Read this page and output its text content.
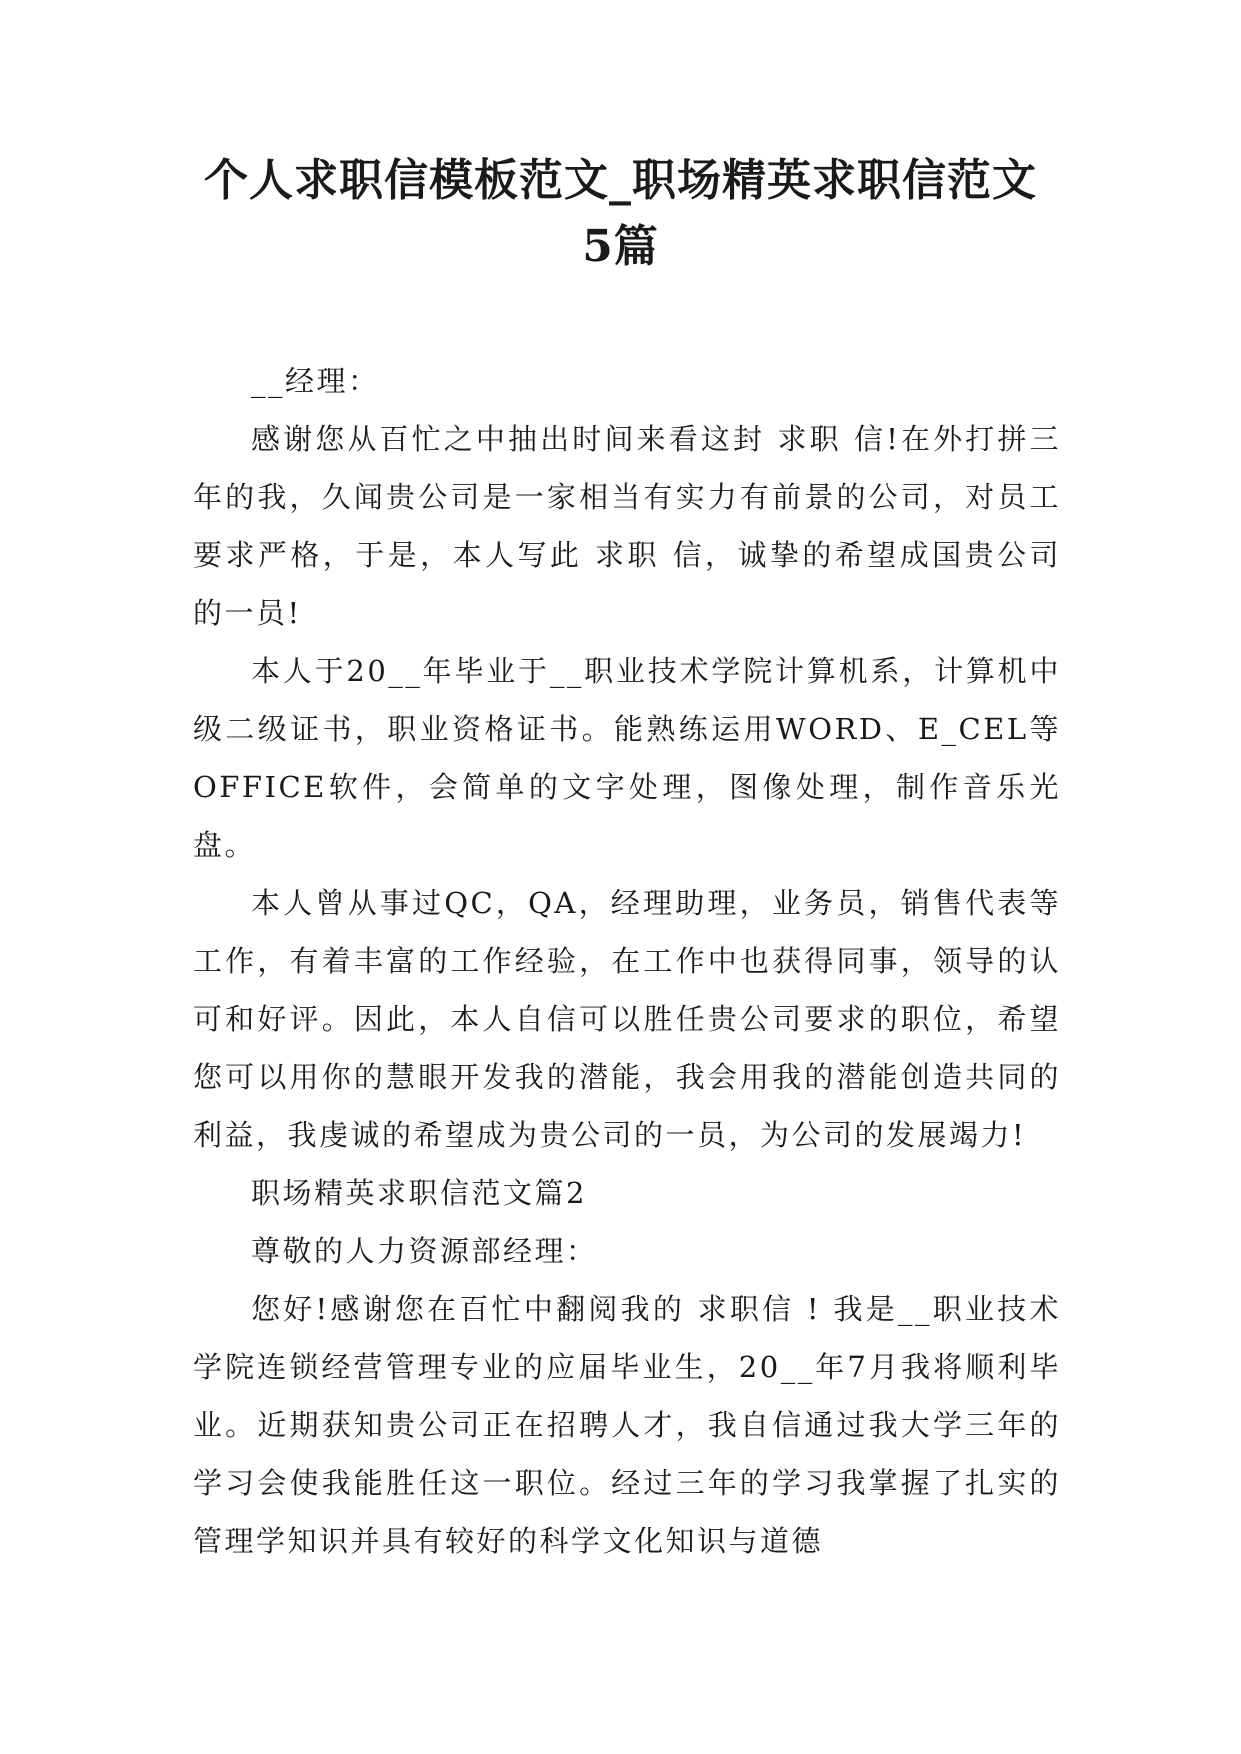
个人求职信模板范文_职场精英求职信范文
5篇

__经理：

感谢您从百忙之中抽出时间来看这封 求职 信!在外打拼三年的我，久闻贵公司是一家相当有实力有前景的公司，对员工要求严格，于是，本人写此 求职 信，诚挚的希望成国贵公司的一员!

本人于20__年毕业于__职业技术学院计算机系，计算机中级二级证书，职业资格证书。能熟练运用WORD、E_CEL等OFFICE软件，会简单的文字处理，图像处理，制作音乐光盘。

本人曾从事过QC，QA，经理助理，业务员，销售代表等工作，有着丰富的工作经验，在工作中也获得同事，领导的认可和好评。因此，本人自信可以胜任贵公司要求的职位，希望您可以用你的慧眼开发我的潜能，我会用我的潜能创造共同的利益，我虔诚的希望成为贵公司的一员，为公司的发展竭力!

职场精英求职信范文篇2

尊敬的人力资源部经理：

您好!感谢您在百忙中翻阅我的 求职信 ! 我是__职业技术学院连锁经营管理专业的应届毕业生，20__年7月我将顺利毕业。近期获知贵公司正在招聘人才，我自信通过我大学三年的学习会使我能胜任这一职位。经过三年的学习我掌握了扎实的管理学知识并具有较好的科学文化知识与道德
